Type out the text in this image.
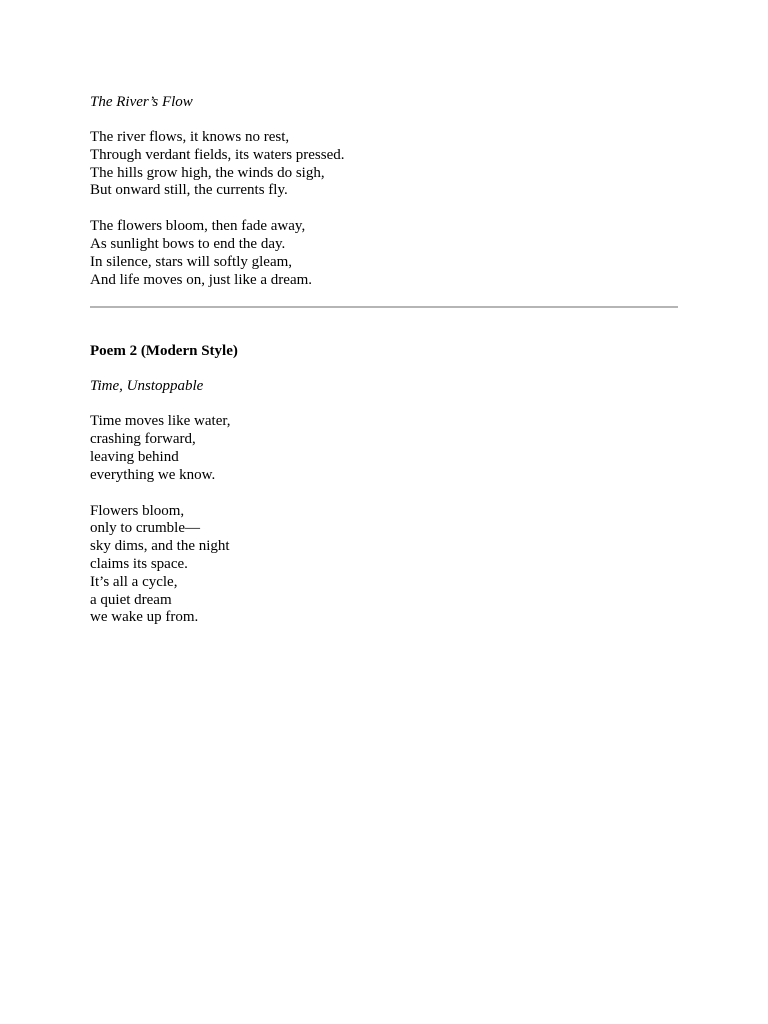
The River’s Flow

The river flows, it knows no rest,
Through verdant fields, its waters pressed.
The hills grow high, the winds do sigh,
But onward still, the currents fly.
The flowers bloom, then fade away,
As sunlight bows to end the day.
In silence, stars will softly gleam,
And life moves on, just like a dream.

Poem 2 (Modern Style)

Time, Unstoppable

Time moves like water,
crashing forward,
leaving behind
everything we know.
Flowers bloom,
only to crumble—
sky dims, and the night
claims its space.
It’s all a cycle,
a quiet dream
we wake up from.
